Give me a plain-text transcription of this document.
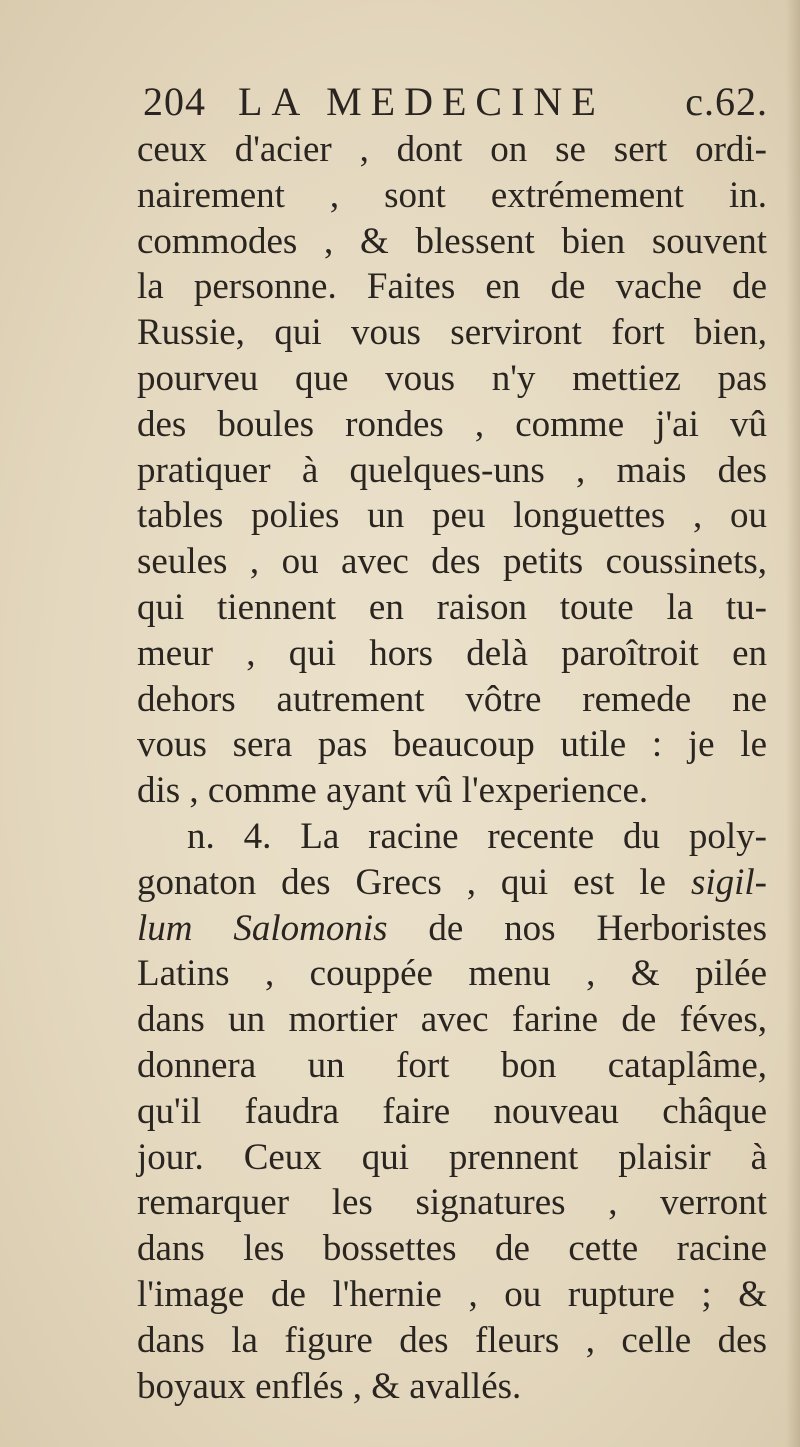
204 LA MEDECINE c.62.
ceux d'acier , dont on se sert ordi-
nairement , sont extrémement in.
commodes , & blessent bien souvent
la personne. Faites en de vache de
Russie, qui vous serviront fort bien,
pourveu que vous n'y mettiez pas
des boules rondes , comme j'ai vû
pratiquer à quelques-uns , mais des
tables polies un peu longuettes , ou
seules , ou avec des petits coussinets,
qui tiennent en raison toute la tu-
meur , qui hors delà paroîtroit en
dehors autrement vôtre remede ne
vous sera pas beaucoup utile : je le
dis , comme ayant vû l'experience.
n. 4. La racine recente du poly-
gonaton des Grecs , qui est le sigil-
lum Salomonis de nos Herboristes
Latins , couppée menu , & pilée
dans un mortier avec farine de féves,
donnera un fort bon cataplâme,
qu'il faudra faire nouveau châque
jour. Ceux qui prennent plaisir à
remarquer les signatures , verront
dans les bossettes de cette racine
l'image de l'hernie , ou rupture ; &
dans la figure des fleurs , celle des
boyaux enflés , & avallés.
